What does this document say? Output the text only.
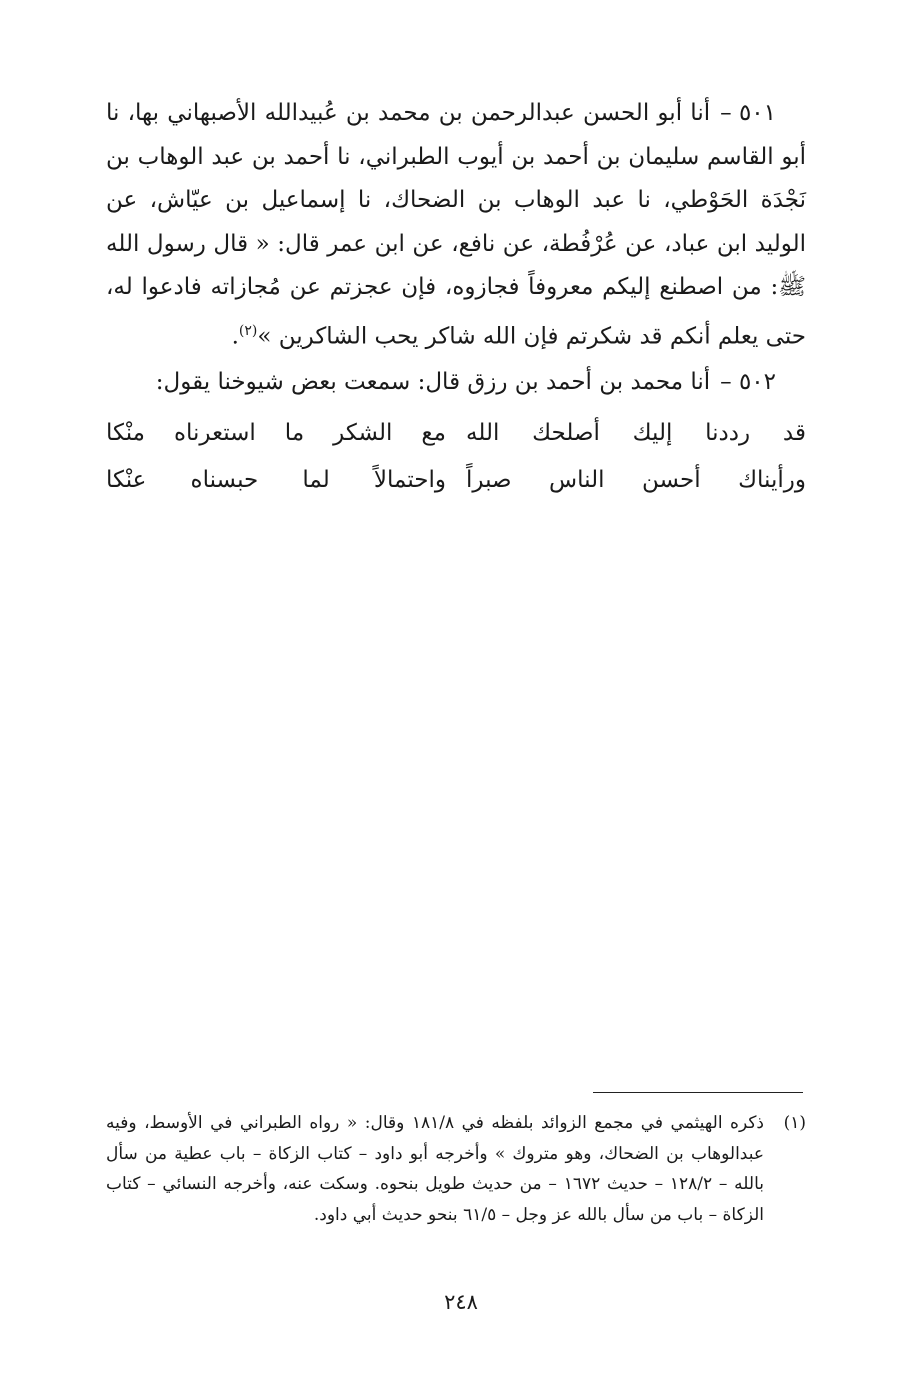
٥٠١ –أنا أبو الحسن عبدالرحمن بن محمد بن عُبيدالله الأصبهاني بها، نا أبو القاسم سليمان بن أحمد بن أيوب الطبراني، نا أحمد بن عبد الوهاب بن نَجْدَة الحَوْطي، نا عبد الوهاب بن الضحاك، نا إسماعيل بن عيّاش، عن الوليد ابن عباد، عن عُرْفُطة، عن نافع، عن ابن عمر قال: « قال رسول الله ﷺ: من اصطنع إليكم معروفاً فجازوه، فإن عجزتم عن مُجازاته فادعوا له، حتى يعلم أنكم قد شكرتم فإن الله شاكر يحب الشاكرين »$^{(٢)}$.

٥٠٢ –أنا محمد بن أحمد بن رزق قال: سمعت بعض شيوخنا يقول:

قد رددنا إليك أصلحك الله
مع الشكر ما استعرناه منْكا
ورأيناك أحسن الناس صبراً
واحتمالاً لما حبسناه عنْكا
(١)
ذكره الهيثمي في مجمع الزوائد بلفظه في ١٨١/٨ وقال: « رواه الطبراني في الأوسط، وفيه عبدالوهاب بن الضحاك، وهو متروك » وأخرجه أبو داود – كتاب الزكاة – باب عطية من سأل بالله – ١٢٨/٢ – حديث ١٦٧٢ – من حديث طويل بنحوه. وسكت عنه، وأخرجه النسائي – كتاب الزكاة – باب من سأل بالله عز وجل – ٦١/٥ بنحو حديث أبي داود.
٢٤٨
